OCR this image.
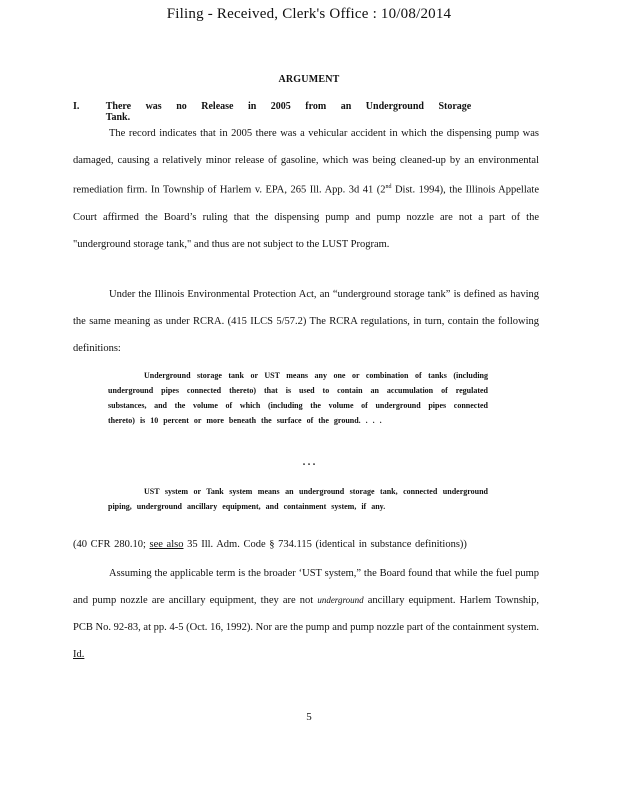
Filing - Received, Clerk's Office : 10/08/2014
ARGUMENT
I.	There was no Release in 2005 from an Underground Storage Tank.

The record indicates that in 2005 there was a vehicular accident in which the dispensing pump was damaged, causing a relatively minor release of gasoline, which was being cleaned-up by an environmental remediation firm. In Township of Harlem v. EPA, 265 Ill. App. 3d 41 (2nd Dist. 1994), the Illinois Appellate Court affirmed the Board’s ruling that the dispensing pump and pump nozzle are not a part of the "underground storage tank," and thus are not subject to the LUST Program.

Under the Illinois Environmental Protection Act, an “underground storage tank” is defined as having the same meaning as under RCRA. (415 ILCS 5/57.2) The RCRA regulations, in turn, contain the following definitions:

Underground storage tank or UST means any one or combination of tanks (including underground pipes connected thereto) that is used to contain an accumulation of regulated substances, and the volume of which (including the volume of underground pipes connected thereto) is 10 percent or more beneath the surface of the ground. . . .

. . .

UST system or Tank system means an underground storage tank, connected underground piping, underground ancillary equipment, and containment system, if any.

(40 CFR 280.10; see also 35 Ill. Adm. Code § 734.115 (identical in substance definitions))

Assuming the applicable term is the broader ‘UST system,” the Board found that while the fuel pump and pump nozzle are ancillary equipment, they are not underground ancillary equipment. Harlem Township, PCB No. 92-83, at pp. 4-5 (Oct. 16, 1992). Nor are the pump and pump nozzle part of the containment system. Id.

5
